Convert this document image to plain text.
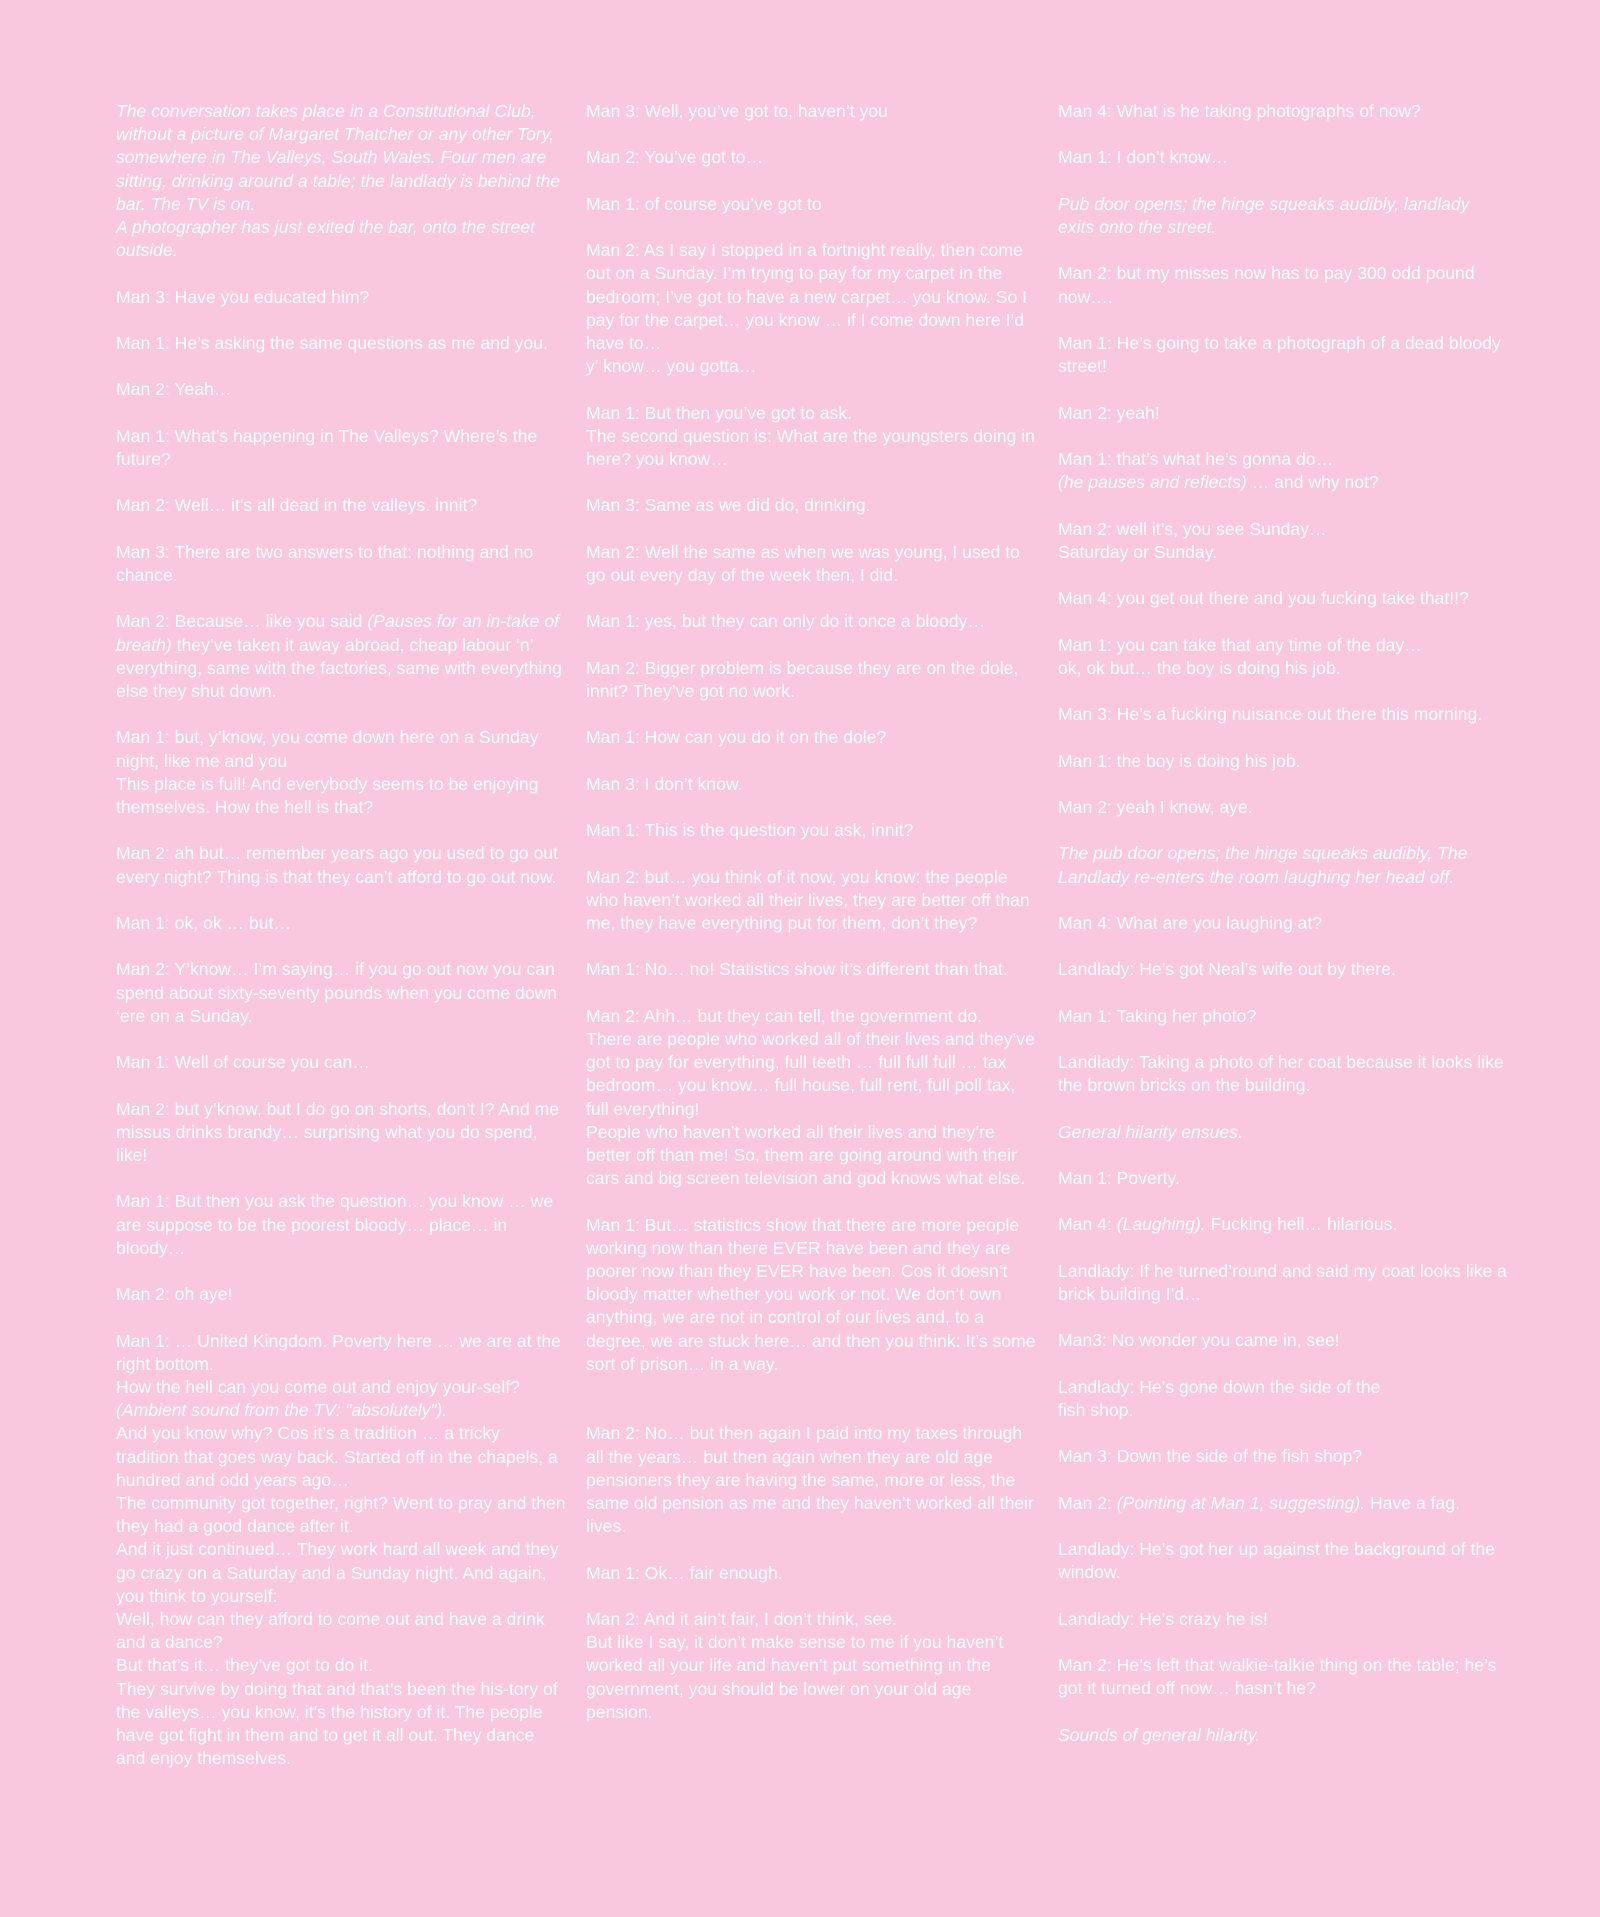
The conversation takes place in a Constitutional Club, without a picture of Margaret Thatcher or any other Tory, somewhere in The Valleys, South Wales. Four men are sitting, drinking around a table; the landlady is behind the bar. The TV is on.
A photographer has just exited the bar, onto the street outside.
Man 3: Have you educated him?
Man 1: He’s asking the same questions as me and you.
Man 2: Yeah…
Man 1: What’s happening in The Valleys? Where’s the future?
Man 2: Well… it’s all dead in the valleys. innit?
Man 3: There are two answers to that: nothing and no chance.
Man 2: Because… like you said (Pauses for an in-take of breath) they’ve taken it away abroad, cheap labour ‘n’ everything, same with the factories, same with everything else they shut down.
Man 1: but, y’know, you come down here on a Sunday night, like me and you
This place is full! And everybody seems to be enjoying themselves. How the hell is that?
Man 2: ah but… remember years ago you used to go out every night? Thing is that they can’t afford to go out now.
Man 1: ok, ok … but…
Man 2: Y’know… I’m saying… if you go out now you can spend about sixty-seventy pounds when you come down ‘ere on a Sunday.
Man 1: Well of course you can…
Man 2: but y’know, but I do go on shorts, don’t I? And me missus drinks brandy… surprising what you do spend, like!
Man 1: But then you ask the question… you know … we are suppose to be the poorest bloody… place… in bloody…
Man 2: oh aye!
Man 1: … United Kingdom. Poverty here … we are at the right bottom.
How the hell can you come out and enjoy your-self? (Ambient sound from the TV: “absolutely”).
And you know why? Cos it’s a tradition … a tricky tradition that goes way back. Started off in the chapels, a hundred and odd years ago…
The community got together, right? Went to pray and then they had a good dance after it.
And it just continued… They work hard all week and they go crazy on a Saturday and a Sunday night. And again, you think to yourself:
Well, how can they afford to come out and have a drink and a dance?
But that’s it… they’ve got to do it.
They survive by doing that and that’s been the his-tory of the valleys… you know, it’s the history of it. The people have got fight in them and to get it all out. They dance and enjoy themselves.
Man 3: Well, you’ve got to, haven’t you
Man 2: You’ve got to…
Man 1: of course you’ve got to
Man 2: As I say I stopped in a fortnight really, then come out on a Sunday. I’m trying to pay for my carpet in the bedroom; I’ve got to have a new carpet… you know. So I pay for the carpet… you know … if I come down here I’d have to…
y’ know… you gotta…
Man 1: But then you’ve got to ask.
The second question is: What are the youngsters doing in here? you know…
Man 3: Same as we did do, drinking.
Man 2: Well the same as when we was young, I used to go out every day of the week then, I did.
Man 1: yes, but they can only do it once a bloody…
Man 2: Bigger problem is because they are on the dole, innit? They’ve got no work.
Man 1: How can you do it on the dole?
Man 3: I don’t know.
Man 1: This is the question you ask, innit?
Man 2: but… you think of it now, you know: the people who haven’t worked all their lives, they are better off than me, they have everything put for them, don’t they?
Man 1: No… no! Statistics show it’s different than that.
Man 2: Ahh… but they can tell, the government do.
There are people who worked all of their lives and they’ve got to pay for everything, full teeth … full full full … tax bedroom… you know… full house, full rent, full poll tax, full everything!
People who haven’t worked all their lives and they’re better off than me! So, them are going around with their cars and big screen television and god knows what else.
Man 1: But… statistics show that there are more people working now than there EVER have been and they are poorer now than they EVER have been. Cos it doesn’t bloody matter whether you work or not. We don’t own anything, we are not in control of our lives and, to a degree, we are stuck here… and then you think: It’s some sort of prison… in a way.
Man 2: No… but then again I paid into my taxes through all the years… but then again when they are old age pensioners they are having the same, more or less, the same old pension as me and they haven’t worked all their lives.
Man 1: Ok… fair enough.
Man 2: And it ain’t fair, I don’t think, see.
But like I say, it don’t make sense to me if you haven’t worked all your life and haven’t put something in the government, you should be lower on your old age pension.
Man 4: What is he taking photographs of now?
Man 1: I don’t know…
Pub door opens; the hinge squeaks audibly, landlady exits onto the street.
Man 2: but my misses now has to pay 300 odd pound now….
Man 1: He’s going to take a photograph of a dead bloody street!
Man 2: yeah!
Man 1: that’s what he’s gonna do…
(he pauses and reflects) … and why not?
Man 2: well it’s, you see Sunday…
Saturday or Sunday.
Man 4: you get out there and you fucking take that!!?
Man 1: you can take that any time of the day…
ok, ok but… the boy is doing his job.
Man 3: He’s a fucking nuisance out there this morning.
Man 1: the boy is doing his job.
Man 2: yeah I know, aye.
The pub door opens; the hinge squeaks audibly, The Landlady re-enters the room laughing her head off.
Man 4: What are you laughing at?
Landlady: He’s got Neal’s wife out by there.
Man 1: Taking her photo?
Landlady: Taking a photo of her coat because it looks like the brown bricks on the building.
General hilarity ensues.
Man 1: Poverty.
Man 4: (Laughing). Fucking hell… hilarious.
Landlady: If he turned’round and said my coat looks like a brick building I’d…
Man3: No wonder you came in, see!
Landlady: He’s gone down the side of the
fish shop.
Man 3: Down the side of the fish shop?
Man 2: (Pointing at Man 1, suggesting). Have a fag.
Landlady: He’s got her up against the background of the window.
Landlady: He’s crazy he is!
Man 2: He’s left that walkie-talkie thing on the table; he’s got it turned off now… hasn’t he?
Sounds of general hilarity.
